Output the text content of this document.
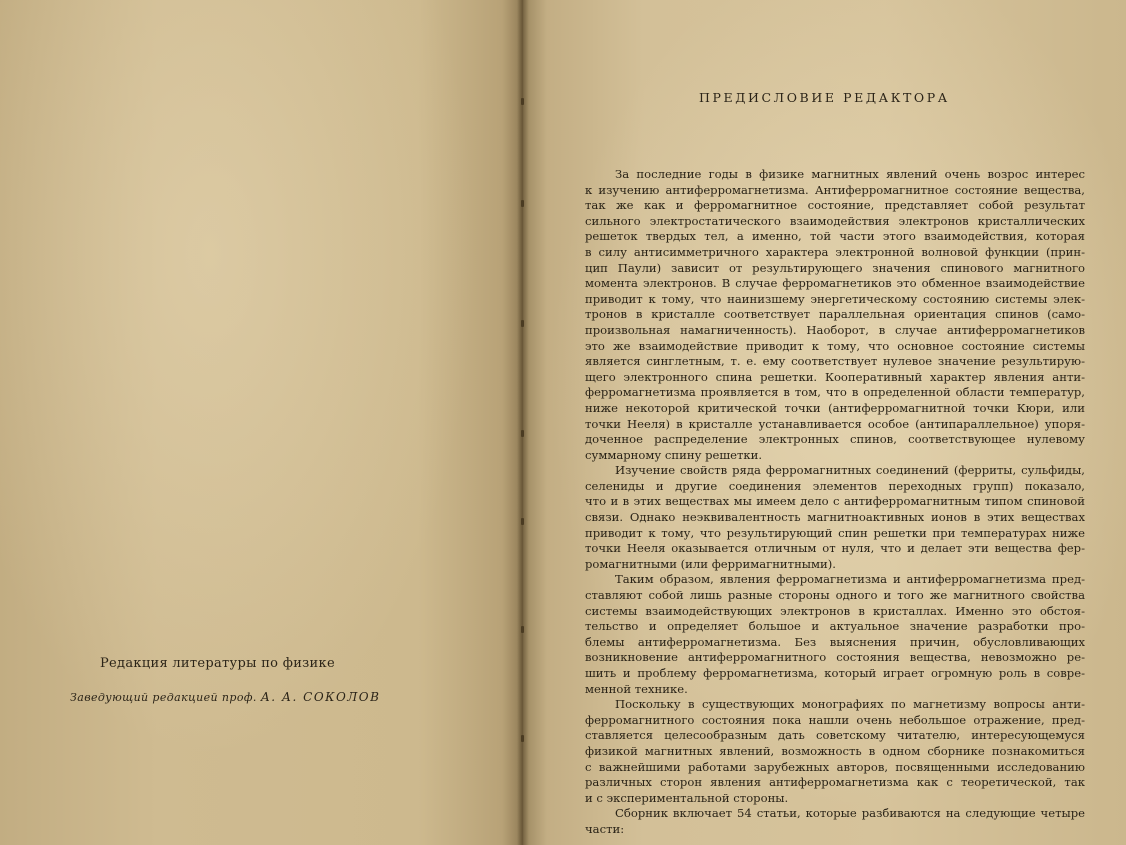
Редакция литературы по физике
Заведующий редакцией проф. А. А. СОКОЛОВ
ПРЕДИСЛОВИЕ РЕДАКТОРА
За последние годы в физике магнитных явлений очень возрос интерес
к изучению антиферромагнетизма. Антиферромагнитное состояние вещества,
так же как и ферромагнитное состояние, представляет собой результат
сильного электростатического взаимодействия электронов кристаллических
решеток твердых тел, а именно, той части этого взаимодействия, которая
в силу антисимметричного характера электронной волновой функции (прин-
цип Паули) зависит от результирующего значения спинового магнитного
момента электронов. В случае ферромагнетиков это обменное взаимодействие
приводит к тому, что наинизшему энергетическому состоянию системы элек-
тронов в кристалле соответствует параллельная ориентация спинов (само-
произвольная намагниченность). Наоборот, в случае антиферромагнетиков
это же взаимодействие приводит к тому, что основное состояние системы
является синглетным, т. е. ему соответствует нулевое значение результирую-
щего электронного спина решетки. Кооперативный характер явления анти-
ферромагнетизма проявляется в том, что в определенной области температур,
ниже некоторой критической точки (антиферромагнитной точки Кюри, или
точки Нееля) в кристалле устанавливается особое (антипараллельное) упоря-
доченное распределение электронных спинов, соответствующее нулевому
суммарному спину решетки.
Изучение свойств ряда ферромагнитных соединений (ферриты, сульфиды,
селениды и другие соединения элементов переходных групп) показало,
что и в этих веществах мы имеем дело с антиферромагнитным типом спиновой
связи. Однако неэквивалентность магнитноактивных ионов в этих веществах
приводит к тому, что результирующий спин решетки при температурах ниже
точки Нееля оказывается отличным от нуля, что и делает эти вещества фер-
ромагнитными (или ферримагнитными).
Таким образом, явления ферромагнетизма и антиферромагнетизма пред-
ставляют собой лишь разные стороны одного и того же магнитного свойства
системы взаимодействующих электронов в кристаллах. Именно это обстоя-
тельство и определяет большое и актуальное значение разработки про-
блемы антиферромагнетизма. Без выяснения причин, обусловливающих
возникновение антиферромагнитного состояния вещества, невозможно ре-
шить и проблему ферромагнетизма, который играет огромную роль в совре-
менной технике.
Поскольку в существующих монографиях по магнетизму вопросы анти-
ферромагнитного состояния пока нашли очень небольшое отражение, пред-
ставляется целесообразным дать советскому читателю, интересующемуся
физикой магнитных явлений, возможность в одном сборнике познакомиться
с важнейшими работами зарубежных авторов, посвященными исследованию
различных сторон явления антиферромагнетизма как с теоретической, так
и с экспериментальной стороны.
Сборник включает 54 статьи, которые разбиваются на следующие четыре
части:
